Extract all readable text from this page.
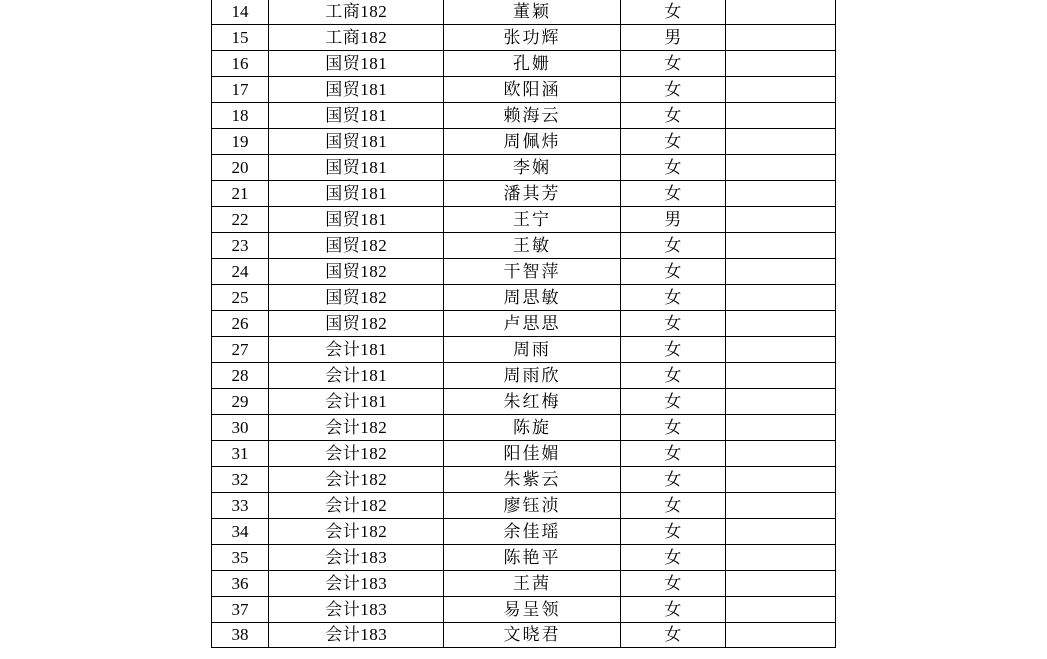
14	工商182	董颖	女	
15	工商182	张功辉	男	
16	国贸181	孔姗	女	
17	国贸181	欧阳涵	女	
18	国贸181	赖海云	女	
19	国贸181	周佩炜	女	
20	国贸181	李娴	女	
21	国贸181	潘其芳	女	
22	国贸181	王宁	男	
23	国贸182	王敏	女	
24	国贸182	干智萍	女	
25	国贸182	周思敏	女	
26	国贸182	卢思思	女	
27	会计181	周雨	女	
28	会计181	周雨欣	女	
29	会计181	朱红梅	女	
30	会计182	陈旋	女	
31	会计182	阳佳媚	女	
32	会计182	朱紫云	女	
33	会计182	廖钰浈	女	
34	会计182	余佳瑶	女	
35	会计183	陈艳平	女	
36	会计183	王茜	女	
37	会计183	易呈领	女	
38	会计183	文晓君	女	
